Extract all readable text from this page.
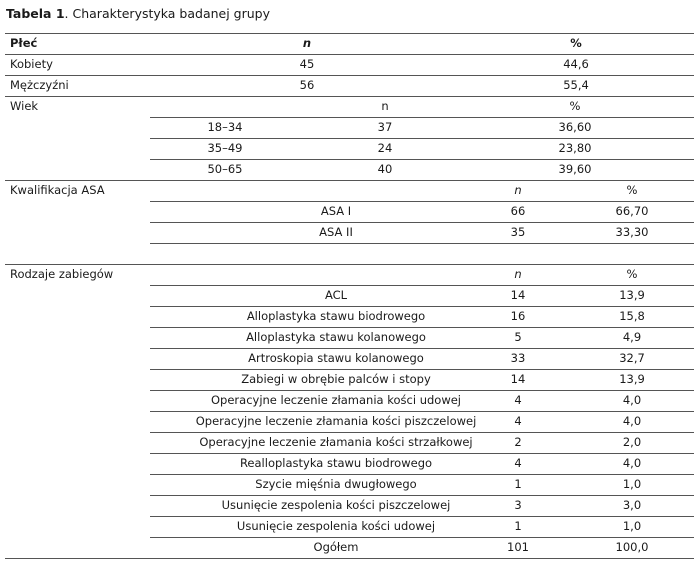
Tabela 1. Charakterystyka badanej grupy
Płeć	n	%
Kobiety	45	44,6
Mężczyźni	56	55,4
Wiek	n	%
18–34	37	36,60
35–49	24	23,80
50–65	40	39,60
Kwalifikacja ASA	n	%
ASA I	66	66,70
ASA II	35	33,30
Rodzaje zabiegów	n	%
ACL	14	13,9
Alloplastyka stawu biodrowego	16	15,8
Alloplastyka stawu kolanowego	5	4,9
Artroskopia stawu kolanowego	33	32,7
Zabiegi w obrębie palców i stopy	14	13,9
Operacyjne leczenie złamania kości udowej	4	4,0
Operacyjne leczenie złamania kości piszczelowej	4	4,0
Operacyjne leczenie złamania kości strzałkowej	2	2,0
Realloplastyka stawu biodrowego	4	4,0
Szycie mięśnia dwugłowego	1	1,0
Usunięcie zespolenia kości piszczelowej	3	3,0
Usunięcie zespolenia kości udowej	1	1,0
Ogółem	101	100,0
